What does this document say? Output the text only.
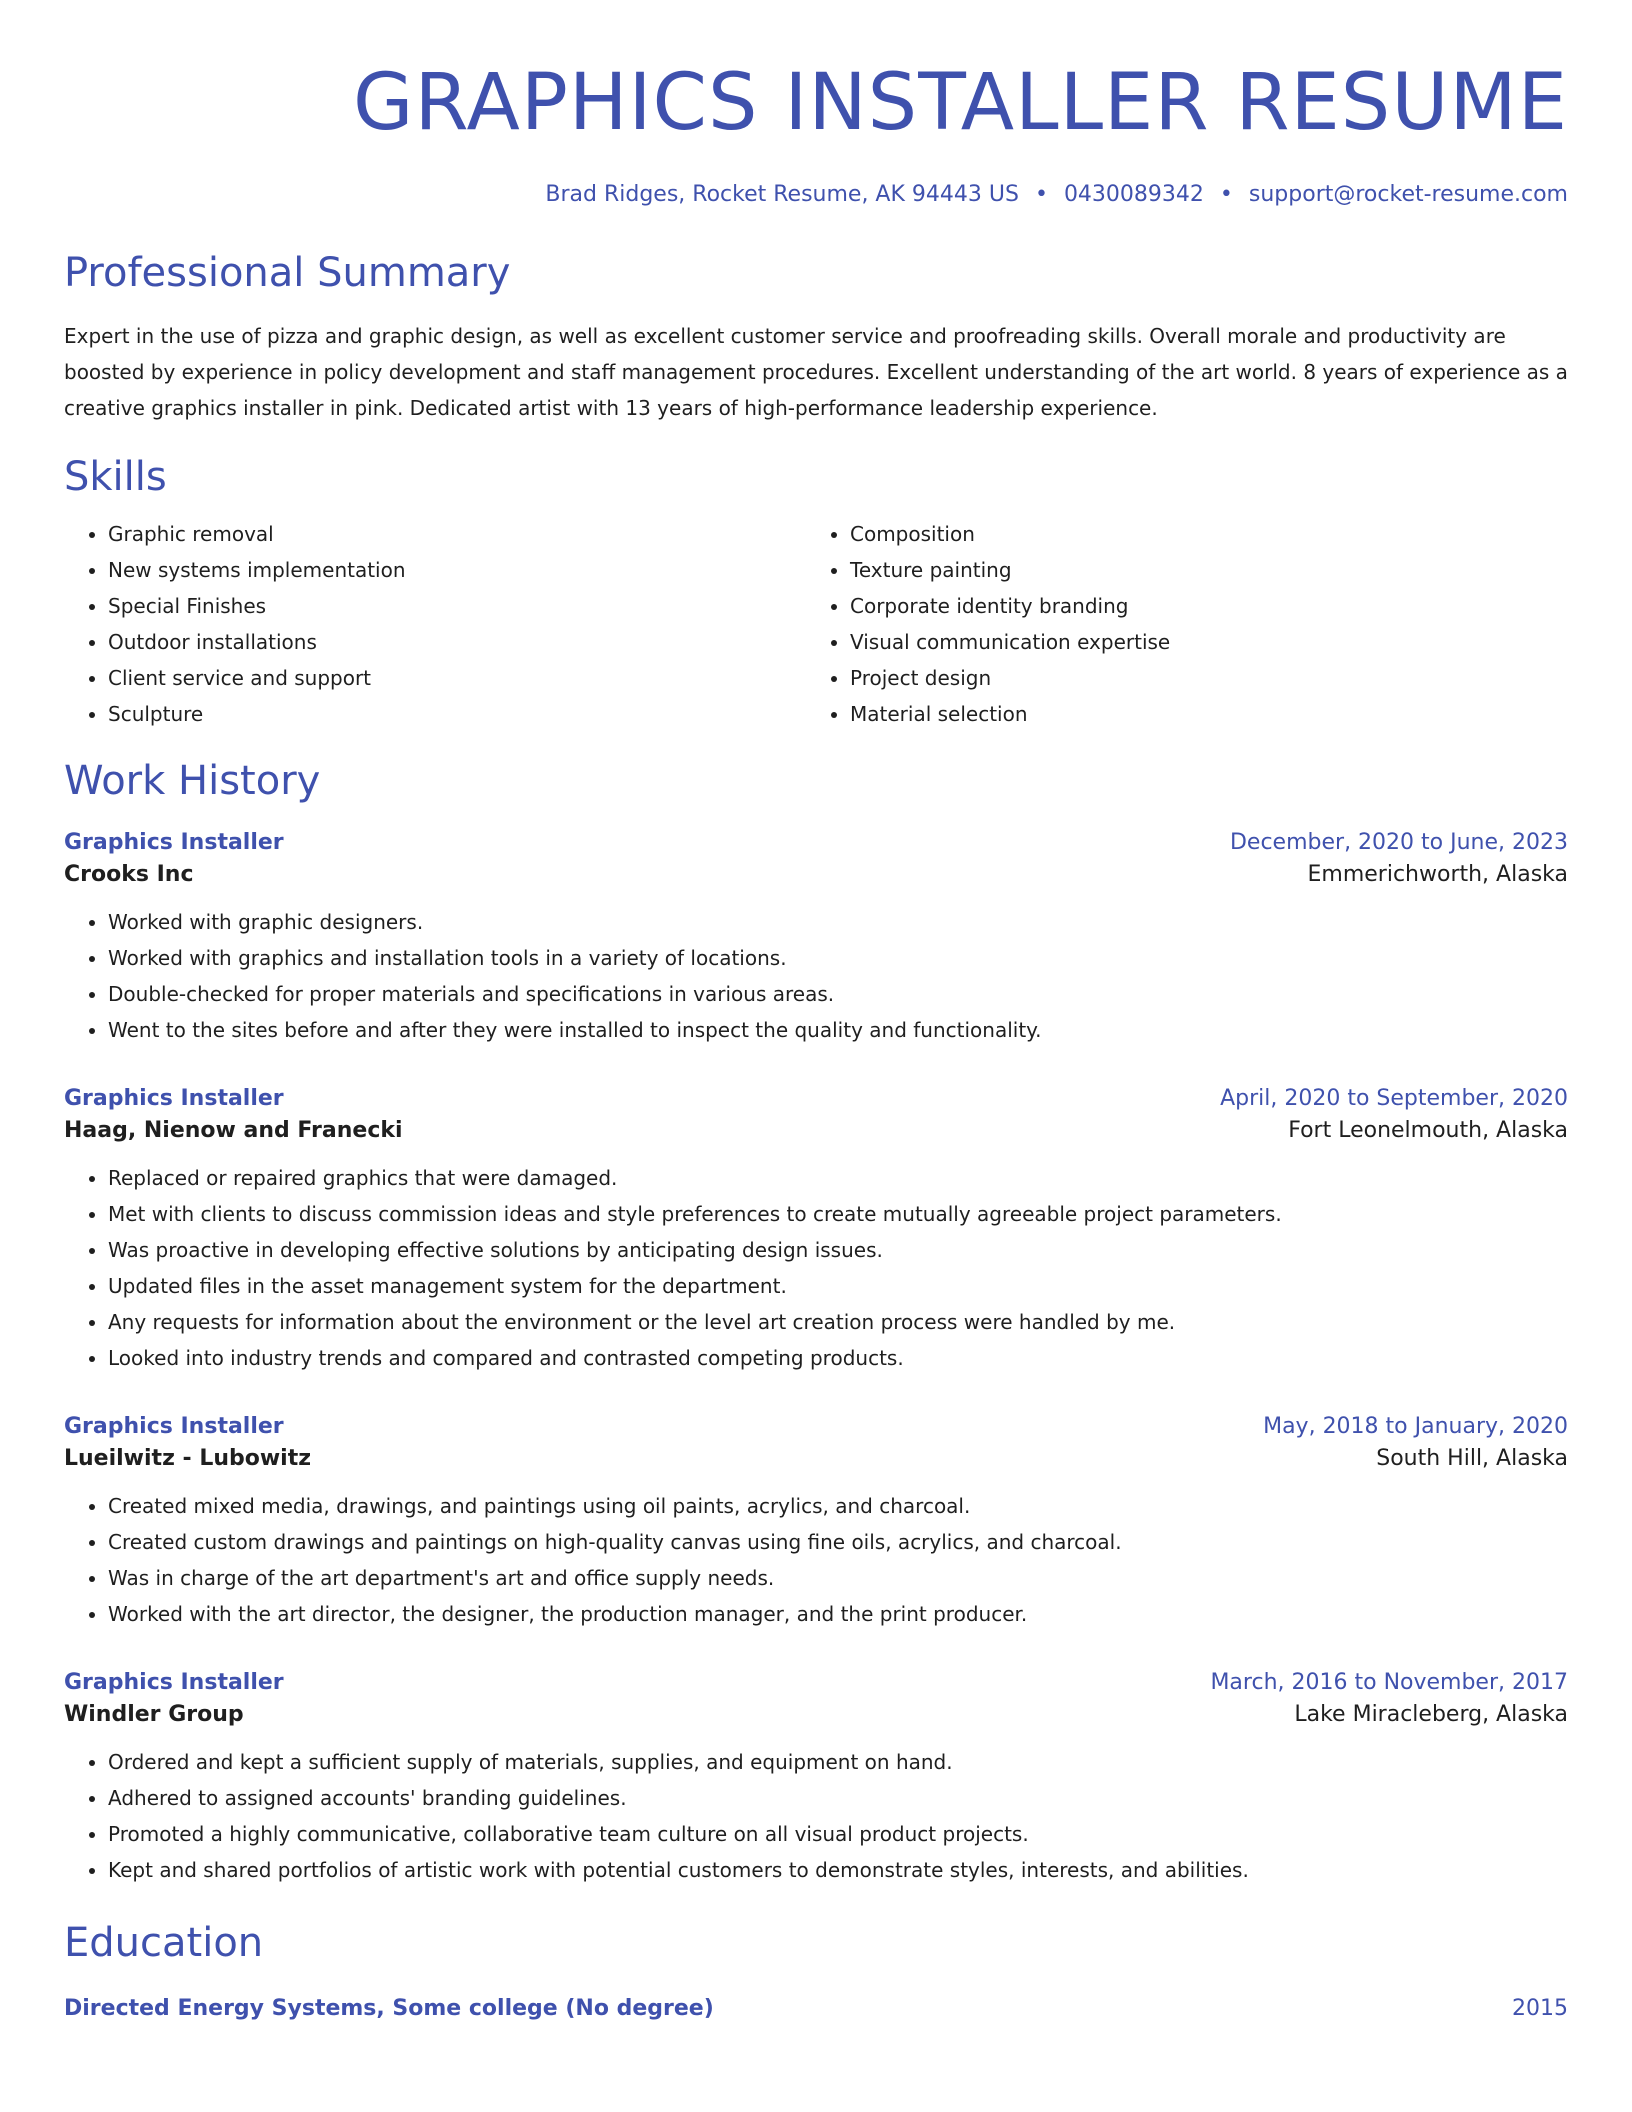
GRAPHICS INSTALLER RESUME
Brad Ridges, Rocket Resume, AK 94443 US • 0430089342 • support@rocket-resume.com
Professional Summary
Expert in the use of pizza and graphic design, as well as excellent customer service and proofreading skills. Overall morale and productivity are boosted by experience in policy development and staff management procedures. Excellent understanding of the art world. 8 years of experience as a creative graphics installer in pink. Dedicated artist with 13 years of high-performance leadership experience.
Skills
• Graphic removal
• New systems implementation
• Special Finishes
• Outdoor installations
• Client service and support
• Sculpture
• Composition
• Texture painting
• Corporate identity branding
• Visual communication expertise
• Project design
• Material selection
Work History
Graphics Installer	December, 2020 to June, 2023
Crooks Inc	Emmerichworth, Alaska
• Worked with graphic designers.
• Worked with graphics and installation tools in a variety of locations.
• Double-checked for proper materials and specifications in various areas.
• Went to the sites before and after they were installed to inspect the quality and functionality.
Graphics Installer	April, 2020 to September, 2020
Haag, Nienow and Franecki	Fort Leonelmouth, Alaska
• Replaced or repaired graphics that were damaged.
• Met with clients to discuss commission ideas and style preferences to create mutually agreeable project parameters.
• Was proactive in developing effective solutions by anticipating design issues.
• Updated files in the asset management system for the department.
• Any requests for information about the environment or the level art creation process were handled by me.
• Looked into industry trends and compared and contrasted competing products.
Graphics Installer	May, 2018 to January, 2020
Lueilwitz - Lubowitz	South Hill, Alaska
• Created mixed media, drawings, and paintings using oil paints, acrylics, and charcoal.
• Created custom drawings and paintings on high-quality canvas using fine oils, acrylics, and charcoal.
• Was in charge of the art department's art and office supply needs.
• Worked with the art director, the designer, the production manager, and the print producer.
Graphics Installer	March, 2016 to November, 2017
Windler Group	Lake Miracleberg, Alaska
• Ordered and kept a sufficient supply of materials, supplies, and equipment on hand.
• Adhered to assigned accounts' branding guidelines.
• Promoted a highly communicative, collaborative team culture on all visual product projects.
• Kept and shared portfolios of artistic work with potential customers to demonstrate styles, interests, and abilities.
Education
Directed Energy Systems, Some college (No degree)	2015
